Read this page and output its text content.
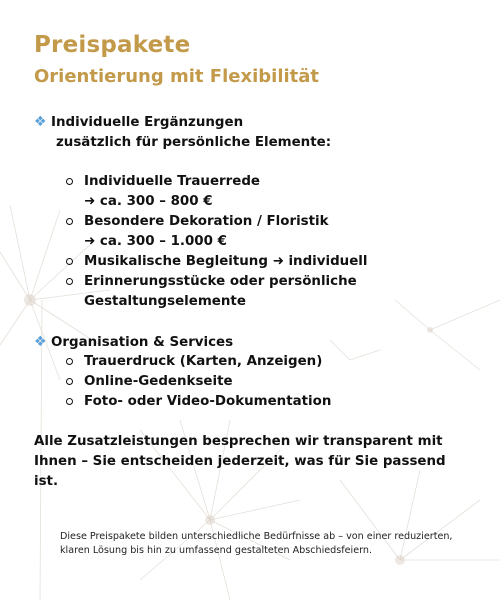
Preispakete
Orientierung mit Flexibilität
❖ Individuelle Ergänzungen
zusätzlich für persönliche Elemente:
Individuelle Trauerrede
➜ ca. 300 – 800 €
Besondere Dekoration / Floristik
➜ ca. 300 – 1.000 €
Musikalische Begleitung ➜ individuell
Erinnerungsstücke oder persönliche
Gestaltungselemente
❖ Organisation & Services
Trauerdruck (Karten, Anzeigen)
Online-Gedenkseite
Foto- oder Video-Dokumentation

Alle Zusatzleistungen besprechen wir transparent mit Ihnen – Sie entscheiden jederzeit, was für Sie passend ist.

Diese Preispakete bilden unterschiedliche Bedürfnisse ab – von einer reduzierten, klaren Lösung bis hin zu umfassend gestalteten Abschiedsfeiern.
